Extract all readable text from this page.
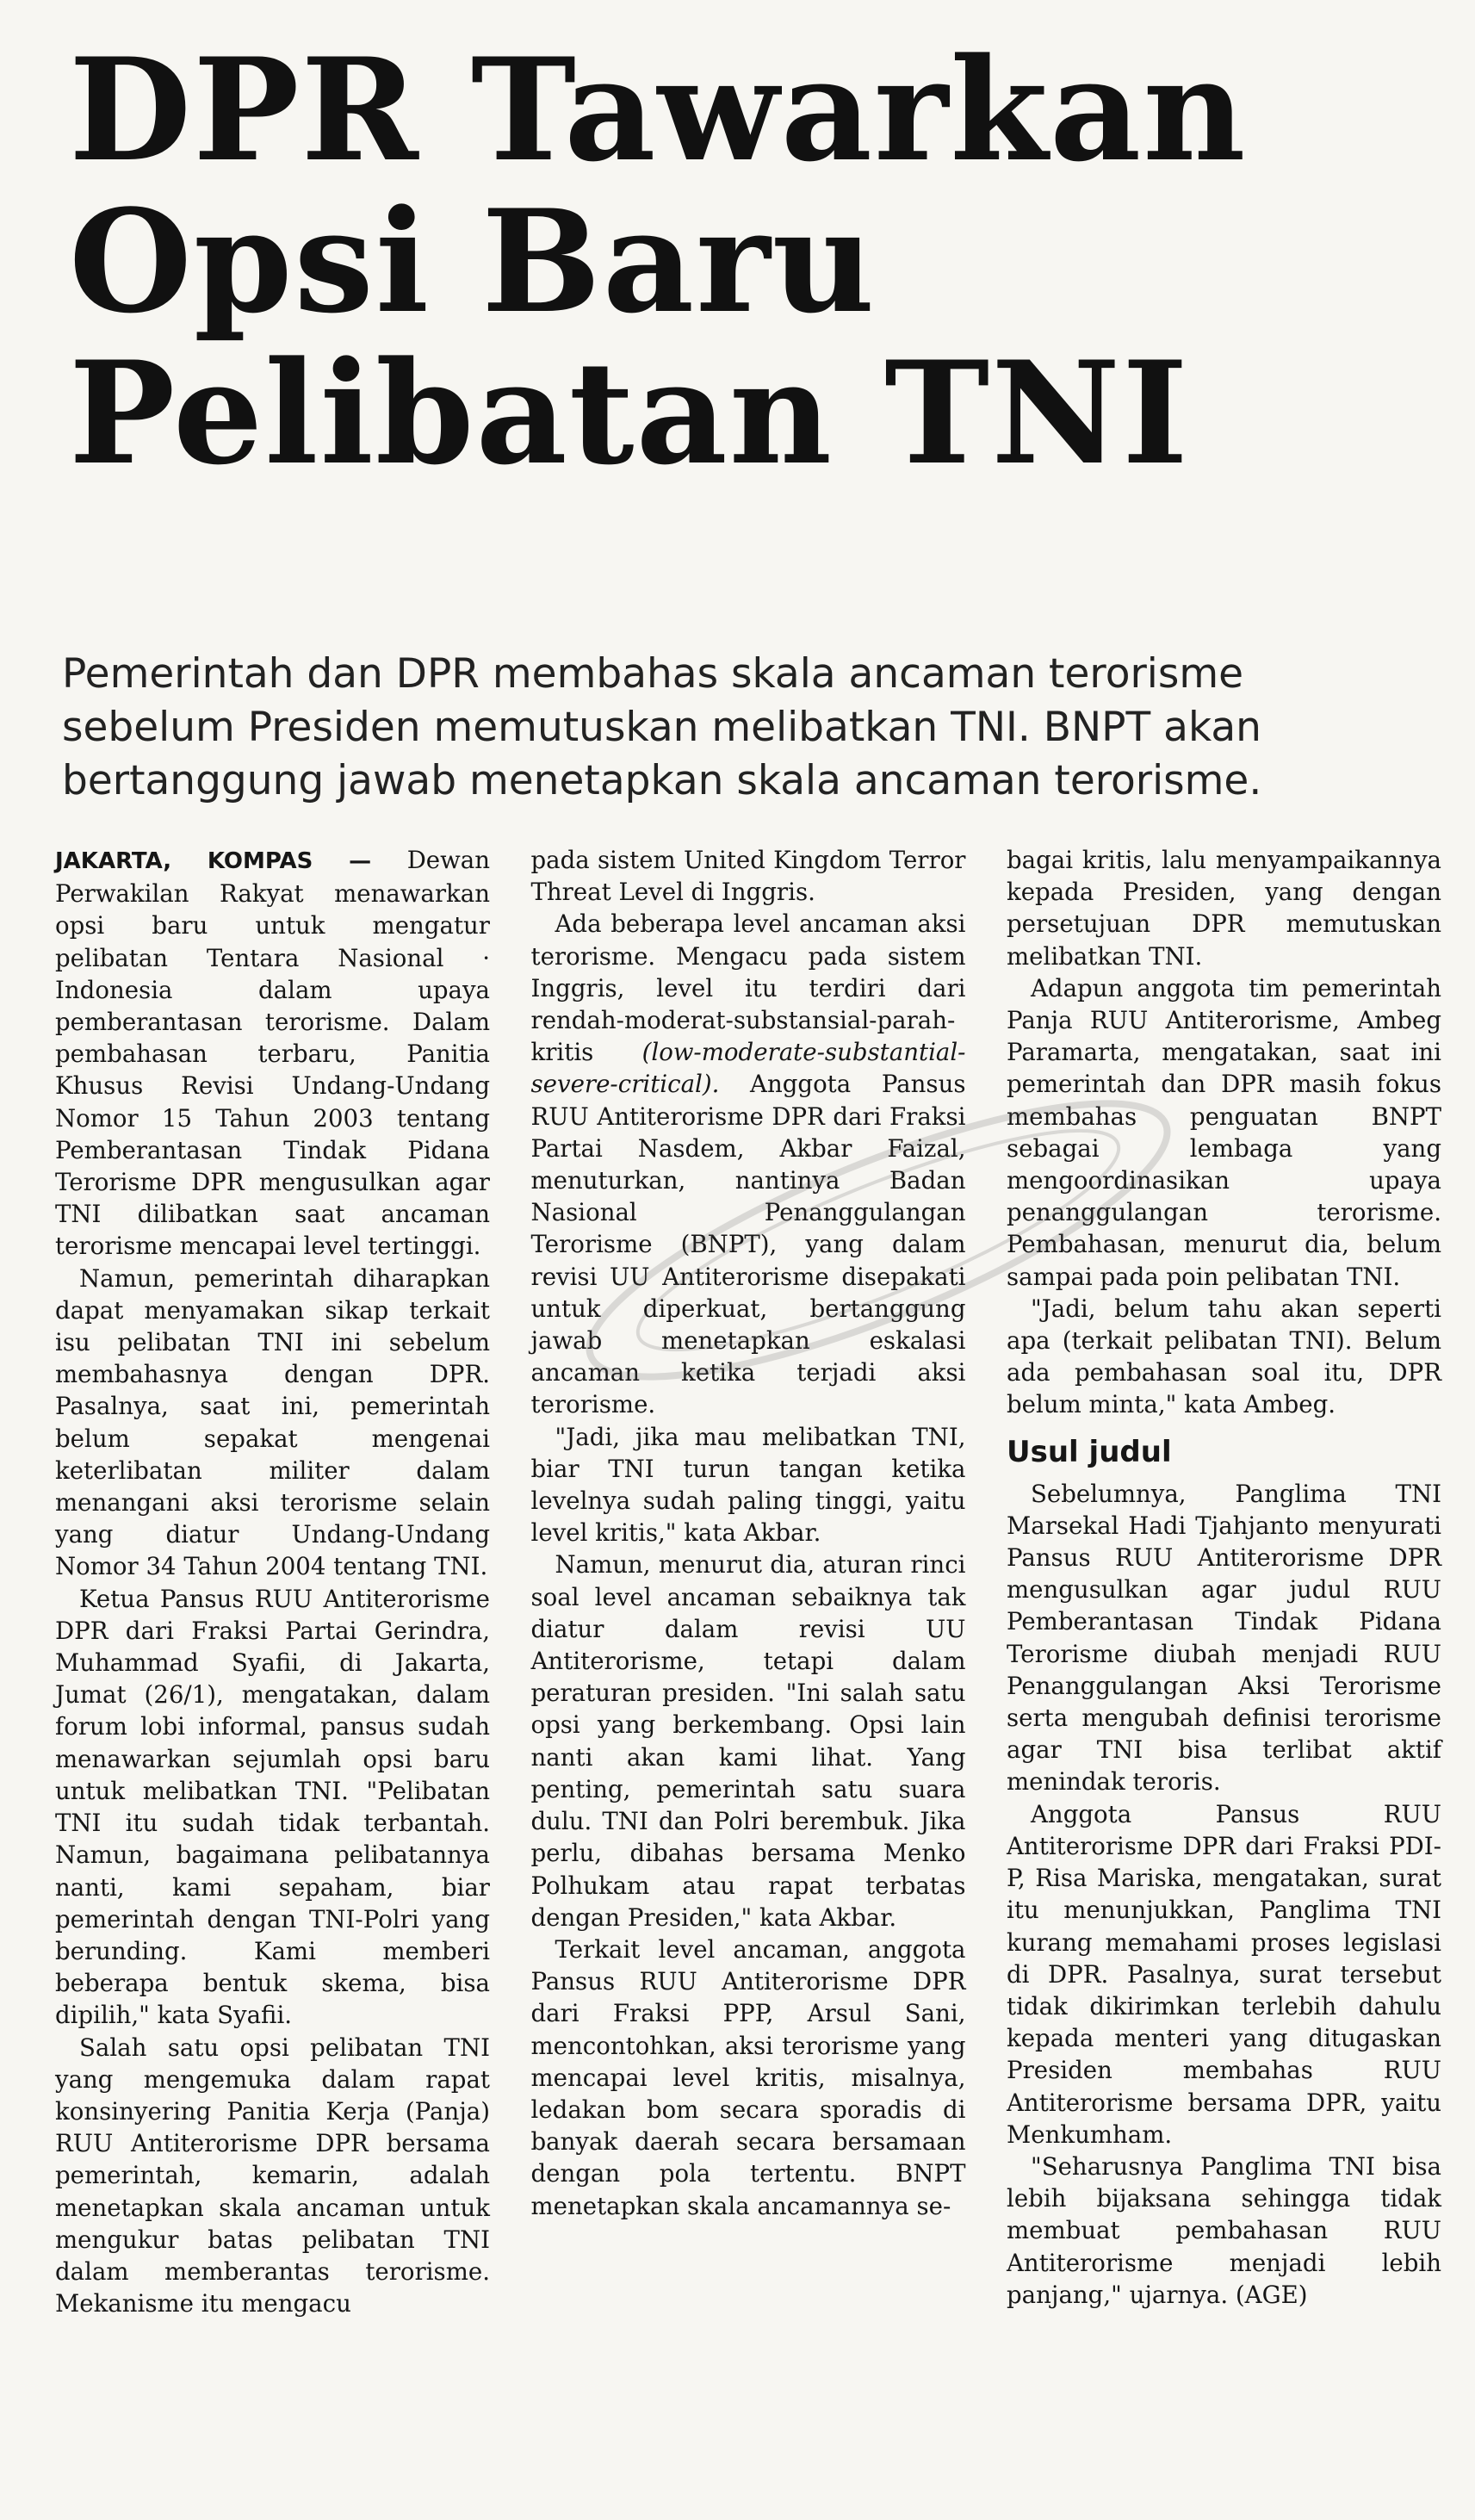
DPR Tawarkan
Opsi Baru
Pelibatan TNI

Pemerintah dan DPR membahas skala ancaman terorisme sebelum Presiden memutuskan melibatkan TNI. BNPT akan bertanggung jawab menetapkan skala ancaman terorisme.

JAKARTA, KOMPAS — Dewan Perwakilan Rakyat menawarkan opsi baru untuk mengatur pelibatan Tentara Nasional · Indonesia dalam upaya pemberantasan terorisme. Dalam pembahasan terbaru, Panitia Khusus Revisi Undang-Undang Nomor 15 Tahun 2003 tentang Pemberantasan Tindak Pidana Terorisme DPR mengusulkan agar TNI dilibatkan saat ancaman terorisme mencapai level tertinggi.

Namun, pemerintah diharapkan dapat menyamakan sikap terkait isu pelibatan TNI ini sebelum membahasnya dengan DPR. Pasalnya, saat ini, pemerintah belum sepakat mengenai keterlibatan militer dalam menangani aksi terorisme selain yang diatur Undang-Undang Nomor 34 Tahun 2004 tentang TNI.

Ketua Pansus RUU Antiterorisme DPR dari Fraksi Partai Gerindra, Muhammad Syafii, di Jakarta, Jumat (26/1), mengatakan, dalam forum lobi informal, pansus sudah menawarkan sejumlah opsi baru untuk melibatkan TNI. "Pelibatan TNI itu sudah tidak terbantah. Namun, bagaimana pelibatannya nanti, kami sepaham, biar pemerintah dengan TNI-Polri yang berunding. Kami memberi beberapa bentuk skema, bisa dipilih," kata Syafii.

Salah satu opsi pelibatan TNI yang mengemuka dalam rapat konsinyering Panitia Kerja (Panja) RUU Antiterorisme DPR bersama pemerintah, kemarin, adalah menetapkan skala ancaman untuk mengukur batas pelibatan TNI dalam memberantas terorisme. Mekanisme itu mengacu

pada sistem United Kingdom Terror Threat Level di Inggris.

Ada beberapa level ancaman aksi terorisme. Mengacu pada sistem Inggris, level itu terdiri dari rendah-moderat-substansial-parah-kritis (low-moderate-substantial-severe-critical). Anggota Pansus RUU Antiterorisme DPR dari Fraksi Partai Nasdem, Akbar Faizal, menuturkan, nantinya Badan Nasional Penanggulangan Terorisme (BNPT), yang dalam revisi UU Antiterorisme disepakati untuk diperkuat, bertanggung jawab menetapkan eskalasi ancaman ketika terjadi aksi terorisme.

"Jadi, jika mau melibatkan TNI, biar TNI turun tangan ketika levelnya sudah paling tinggi, yaitu level kritis," kata Akbar.

Namun, menurut dia, aturan rinci soal level ancaman sebaiknya tak diatur dalam revisi UU Antiterorisme, tetapi dalam peraturan presiden. "Ini salah satu opsi yang berkembang. Opsi lain nanti akan kami lihat. Yang penting, pemerintah satu suara dulu. TNI dan Polri berembuk. Jika perlu, dibahas bersama Menko Polhukam atau rapat terbatas dengan Presiden," kata Akbar.

Terkait level ancaman, anggota Pansus RUU Antiterorisme DPR dari Fraksi PPP, Arsul Sani, mencontohkan, aksi terorisme yang mencapai level kritis, misalnya, ledakan bom secara sporadis di banyak daerah secara bersamaan dengan pola tertentu. BNPT menetapkan skala ancamannya se-

bagai kritis, lalu menyampaikannya kepada Presiden, yang dengan persetujuan DPR memutuskan melibatkan TNI.

Adapun anggota tim pemerintah Panja RUU Antiterorisme, Ambeg Paramarta, mengatakan, saat ini pemerintah dan DPR masih fokus membahas penguatan BNPT sebagai lembaga yang mengoordinasikan upaya penanggulangan terorisme. Pembahasan, menurut dia, belum sampai pada poin pelibatan TNI.

"Jadi, belum tahu akan seperti apa (terkait pelibatan TNI). Belum ada pembahasan soal itu, DPR belum minta," kata Ambeg.

Usul judul

Sebelumnya, Panglima TNI Marsekal Hadi Tjahjanto menyurati Pansus RUU Antiterorisme DPR mengusulkan agar judul RUU Pemberantasan Tindak Pidana Terorisme diubah menjadi RUU Penanggulangan Aksi Terorisme serta mengubah definisi terorisme agar TNI bisa terlibat aktif menindak teroris.

Anggota Pansus RUU Antiterorisme DPR dari Fraksi PDI-P, Risa Mariska, mengatakan, surat itu menunjukkan, Panglima TNI kurang memahami proses legislasi di DPR. Pasalnya, surat tersebut tidak dikirimkan terlebih dahulu kepada menteri yang ditugaskan Presiden membahas RUU Antiterorisme bersama DPR, yaitu Menkumham.

"Seharusnya Panglima TNI bisa lebih bijaksana sehingga tidak membuat pembahasan RUU Antiterorisme menjadi lebih panjang," ujarnya. (AGE)
